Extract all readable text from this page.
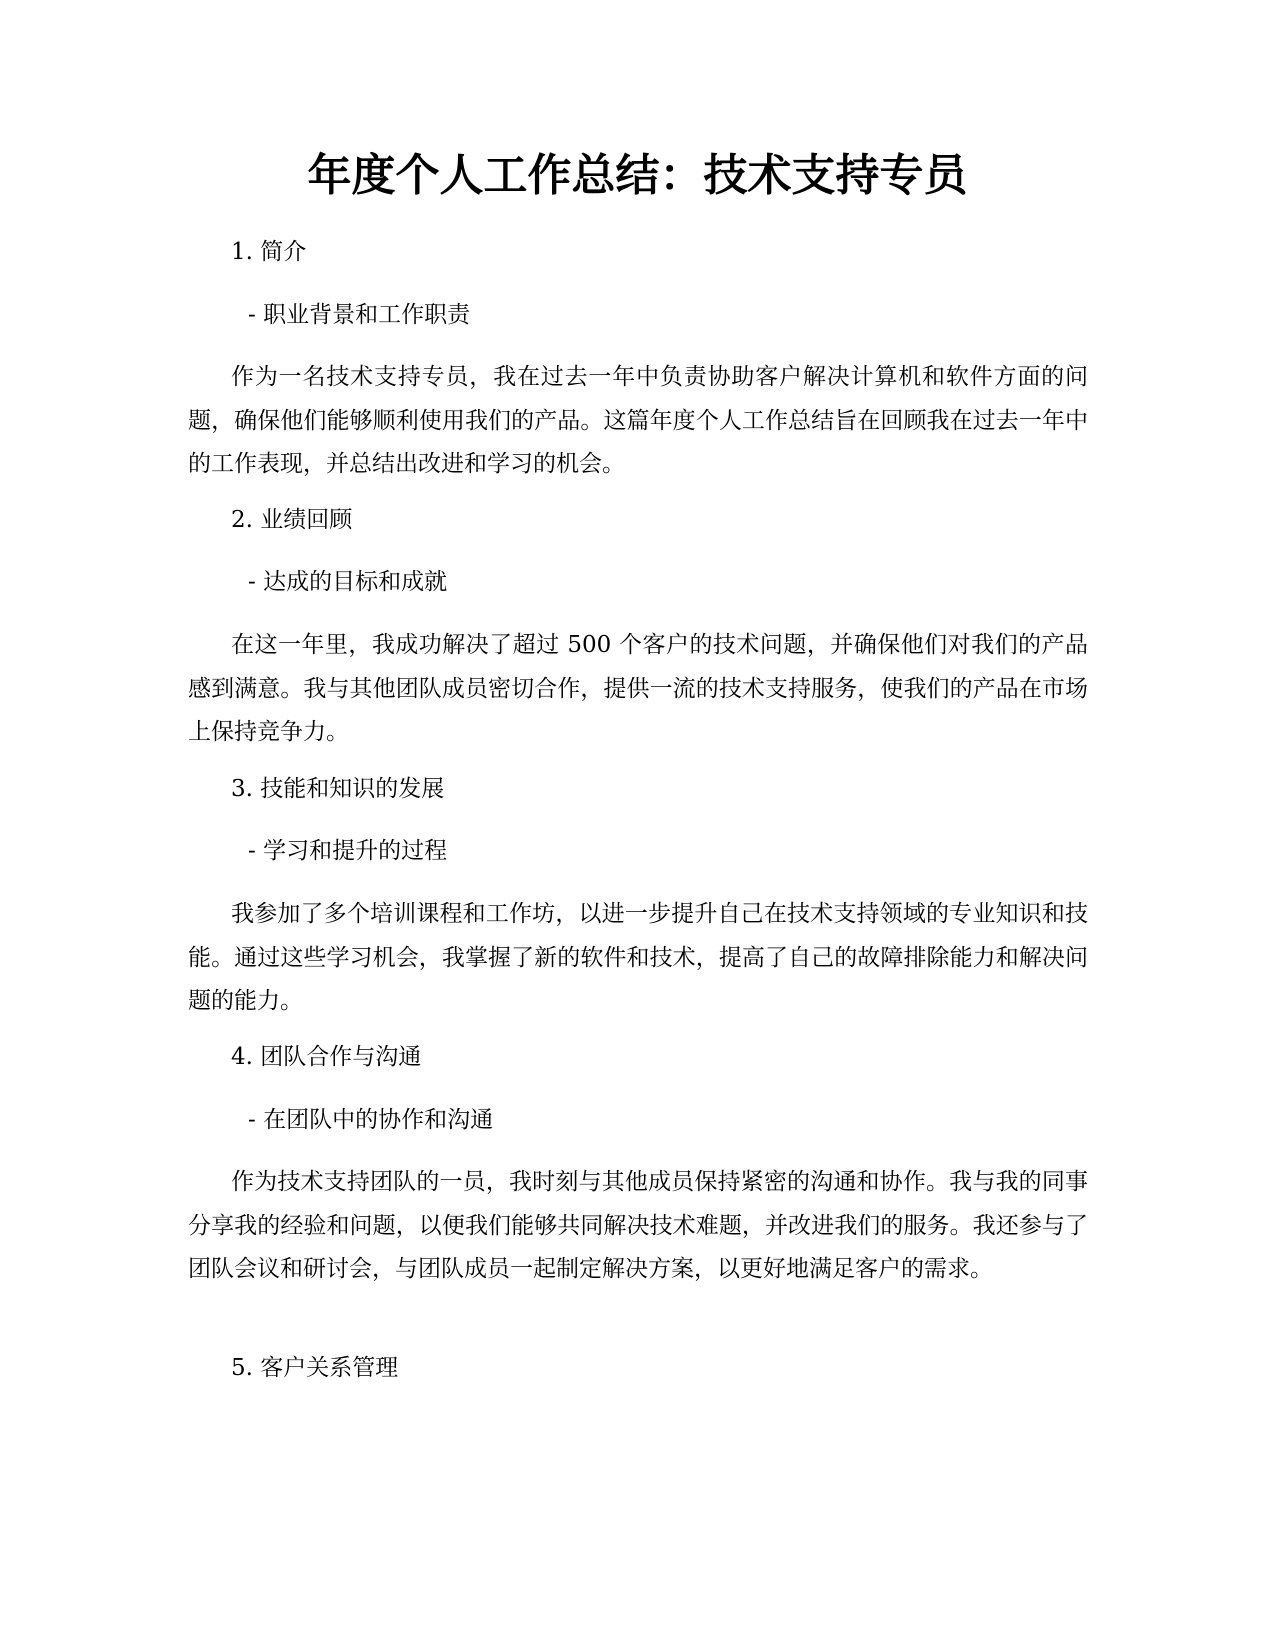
年度个人工作总结：技术支持专员

1. 简介

- 职业背景和工作职责

作为一名技术支持专员，我在过去一年中负责协助客户解决计算机和软件方面的问题，确保他们能够顺利使用我们的产品。这篇年度个人工作总结旨在回顾我在过去一年中的工作表现，并总结出改进和学习的机会。

2. 业绩回顾

- 达成的目标和成就

在这一年里，我成功解决了超过 500 个客户的技术问题，并确保他们对我们的产品感到满意。我与其他团队成员密切合作，提供一流的技术支持服务，使我们的产品在市场上保持竞争力。

3. 技能和知识的发展

- 学习和提升的过程

我参加了多个培训课程和工作坊，以进一步提升自己在技术支持领域的专业知识和技能。通过这些学习机会，我掌握了新的软件和技术，提高了自己的故障排除能力和解决问题的能力。

4. 团队合作与沟通

- 在团队中的协作和沟通

作为技术支持团队的一员，我时刻与其他成员保持紧密的沟通和协作。我与我的同事分享我的经验和问题，以便我们能够共同解决技术难题，并改进我们的服务。我还参与了团队会议和研讨会，与团队成员一起制定解决方案，以更好地满足客户的需求。

5. 客户关系管理
